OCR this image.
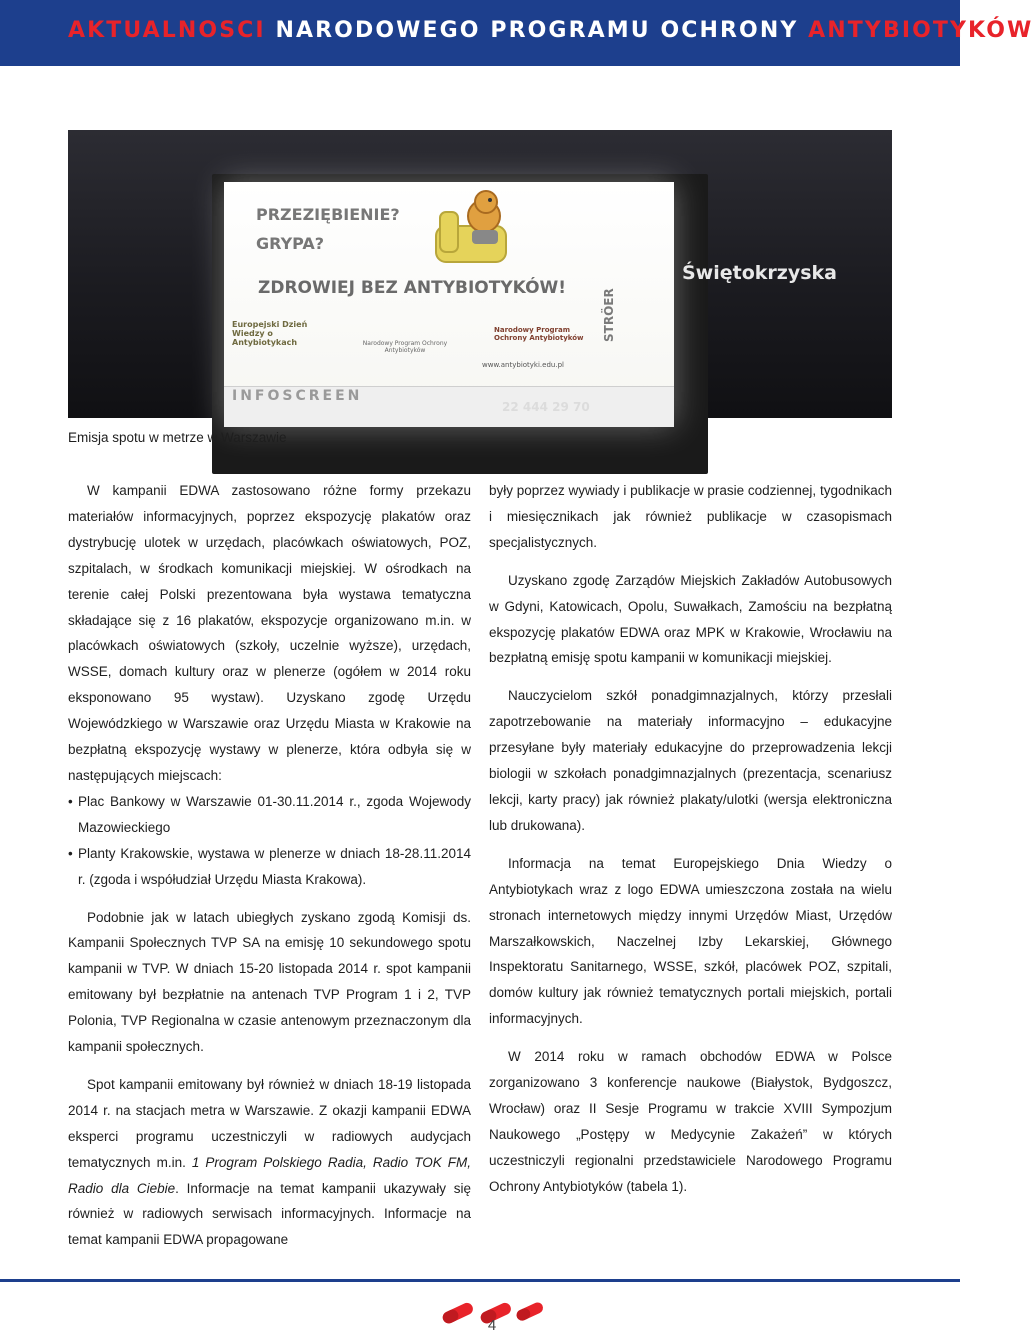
AKTUALNOSCI NARODOWEGO PROGRAMU OCHRONY ANTYBIOTYKÓW
PRZEZIĘBIENIE?
GRYPA?
ZDROWIEJ BEZ ANTYBIOTYKÓW!
Europejski Dzień Wiedzy o Antybiotykach	Narodowy Program Ochrony Antybiotyków
Narodowy Program Ochrony Antybiotyków
www.antybiotyki.edu.pl
INFOSCREEN
STRÖER
Świętokrzyska
22 444 29 70
Emisja spotu w metrze w Warszawie

W kampanii EDWA zastosowano różne formy przekazu materiałów informacyjnych, poprzez ekspozycję plakatów oraz dystrybucję ulotek w urzędach, placówkach oświatowych, POZ, szpitalach, w środkach komunikacji miejskiej. W ośrodkach na terenie całej Polski prezentowana była wystawa tematyczna składające się z 16 plakatów, ekspozycje organizowano m.in. w placówkach oświatowych (szkoły, uczelnie wyższe), urzędach, WSSE, domach kultury oraz w plenerze (ogółem w 2014 roku eksponowano 95 wystaw). Uzyskano zgodę Urzędu Wojewódzkiego w Warszawie oraz Urzędu Miasta w Krakowie na bezpłatną ekspozycję wystawy w plenerze, która odbyła się w następujących miejscach:

• Plac Bankowy w Warszawie 01-30.11.2014 r., zgoda Wojewody Mazowieckiego

• Planty Krakowskie, wystawa w plenerze w dniach 18-28.11.2014 r. (zgoda i współudział Urzędu Miasta Krakowa).

Podobnie jak w latach ubiegłych zyskano zgodą Komisji ds. Kampanii Społecznych TVP SA na emisję 10 sekundowego spotu kampanii w TVP. W dniach 15-20 listopada 2014 r. spot kampanii emitowany był bezpłatnie na antenach TVP Program 1 i 2, TVP Polonia, TVP Regionalna w czasie antenowym przeznaczonym dla kampanii społecznych.

Spot kampanii emitowany był również w dniach 18-19 listopada 2014 r. na stacjach metra w Warszawie. Z okazji kampanii EDWA eksperci programu uczestniczyli w radiowych audycjach tematycznych m.in. 1 Program Polskiego Radia, Radio TOK FM, Radio dla Ciebie. Informacje na temat kampanii ukazywały się również w radiowych serwisach informacyjnych. Informacje na temat kampanii EDWA propagowane

były poprzez wywiady i publikacje w prasie codziennej, tygodnikach i miesięcznikach jak również publikacje w czasopismach specjalistycznych.

Uzyskano zgodę Zarządów Miejskich Zakładów Autobusowych w Gdyni, Katowicach, Opolu, Suwałkach, Zamościu na bezpłatną ekspozycję plakatów EDWA oraz MPK w Krakowie, Wrocławiu na bezpłatną emisję spotu kampanii w komunikacji miejskiej.

Nauczycielom szkół ponadgimnazjalnych, którzy przesłali zapotrzebowanie na materiały informacyjno – edukacyjne przesyłane były materiały edukacyjne do przeprowadzenia lekcji biologii w szkołach ponadgimnazjalnych (prezentacja, scenariusz lekcji, karty pracy) jak również plakaty/ulotki (wersja elektroniczna lub drukowana).

Informacja na temat Europejskiego Dnia Wiedzy o Antybiotykach wraz z logo EDWA umieszczona została na wielu stronach internetowych między innymi Urzędów Miast, Urzędów Marszałkowskich, Naczelnej Izby Lekarskiej, Głównego Inspektoratu Sanitarnego, WSSE, szkół, placówek POZ, szpitali, domów kultury jak również tematycznych portali miejskich, portali informacyjnych.

W 2014 roku w ramach obchodów EDWA w Polsce zorganizowano 3 konferencje naukowe (Białystok, Bydgoszcz, Wrocław) oraz II Sesje Programu w trakcie XVIII Sympozjum Naukowego „Postępy w Medycynie Zakażeń” w których uczestniczyli regionalni przedstawiciele Narodowego Programu Ochrony Antybiotyków (tabela 1).

4
